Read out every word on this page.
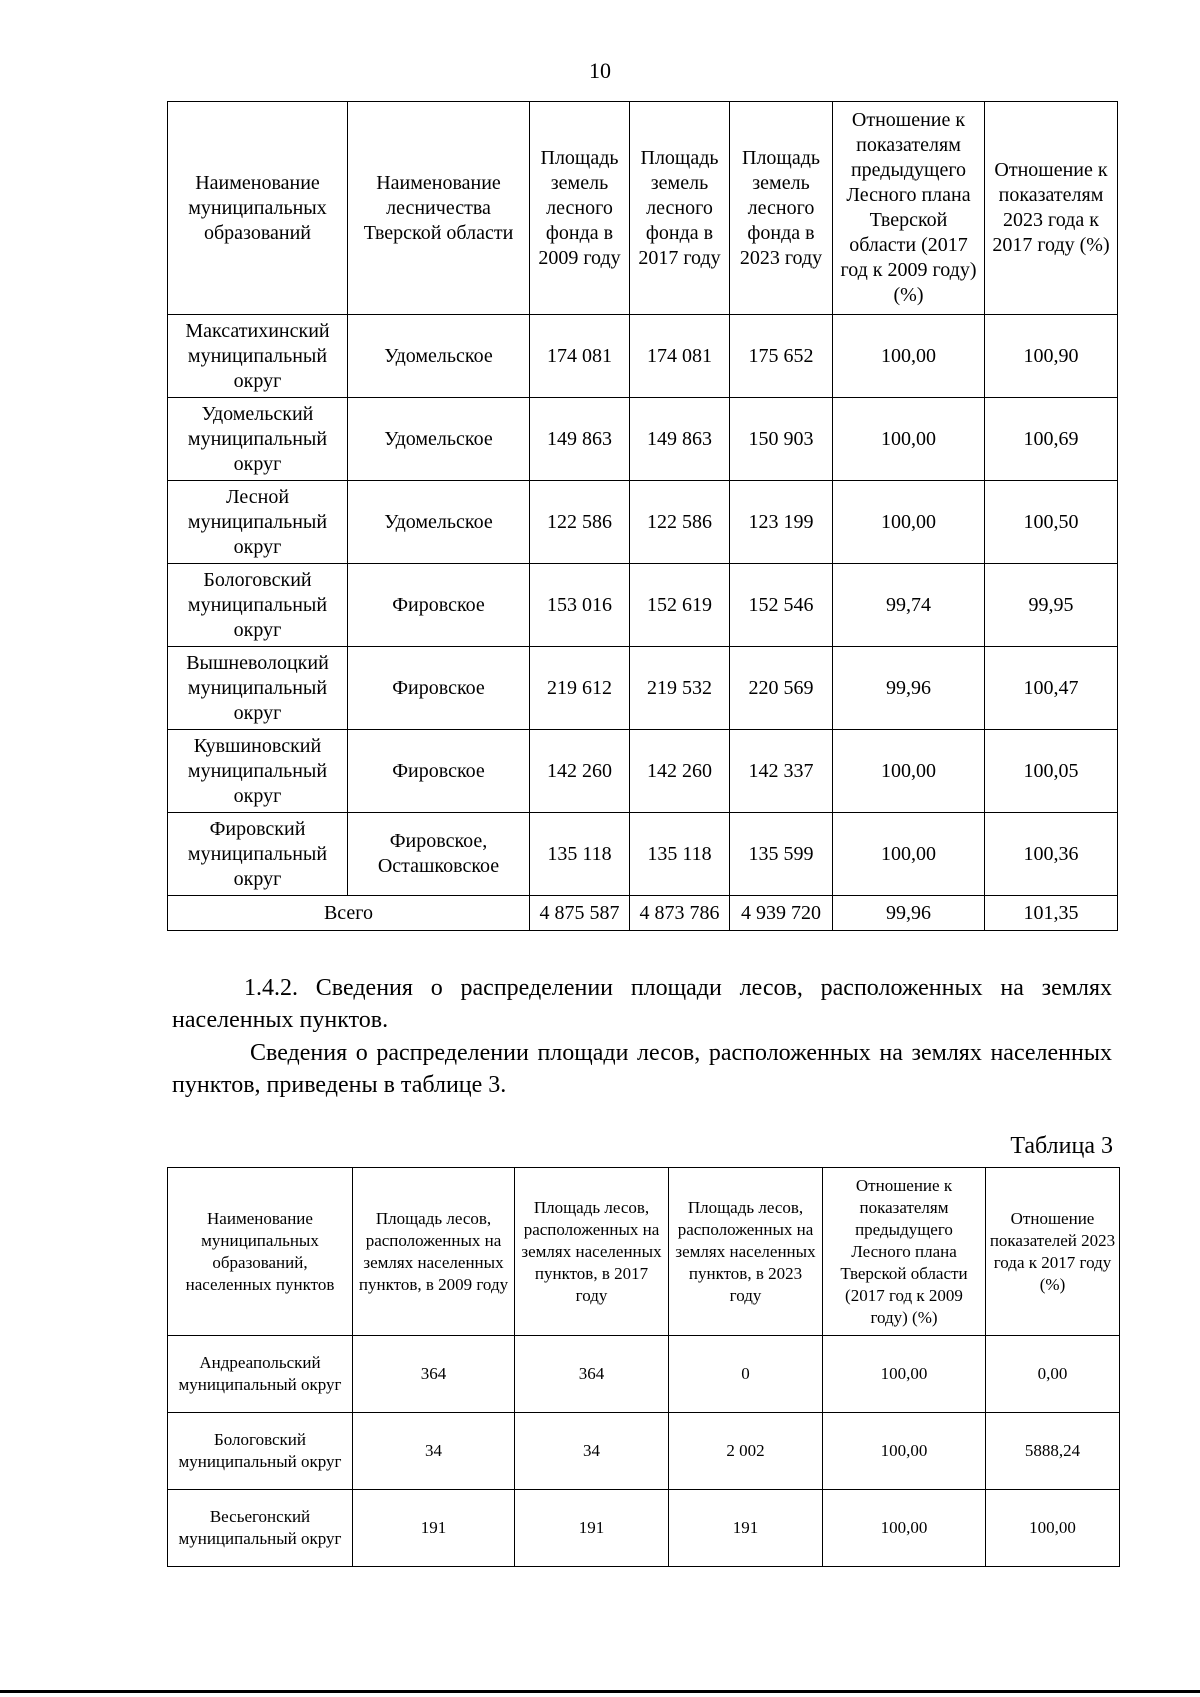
10
Наименование муниципальных образований	Наименование лесничества Тверской области	Площадь земель лесного фонда в 2009 году	Площадь земель лесного фонда в 2017 году	Площадь земель лесного фонда в 2023 году	Отношение к показателям предыдущего Лесного плана Тверской области (2017 год к 2009 году) (%)	Отношение к показателям 2023 года к 2017 году (%)
Максатихинский муниципальный округ	Удомельское	174 081	174 081	175 652	100,00	100,90
Удомельский муниципальный округ	Удомельское	149 863	149 863	150 903	100,00	100,69
Лесной муниципальный округ	Удомельское	122 586	122 586	123 199	100,00	100,50
Бологовский муниципальный округ	Фировское	153 016	152 619	152 546	99,74	99,95
Вышневолоцкий муниципальный округ	Фировское	219 612	219 532	220 569	99,96	100,47
Кувшиновский муниципальный округ	Фировское	142 260	142 260	142 337	100,00	100,05
Фировский муниципальный округ	Фировское, Осташковское	135 118	135 118	135 599	100,00	100,36
Всего		4 875 587	4 873 786	4 939 720	99,96	101,35

1.4.2. Сведения о распределении площади лесов, расположенных на землях населенных пунктов.

Сведения о распределении площади лесов, расположенных на землях населенных пунктов, приведены в таблице 3.

Таблица 3
Наименование муниципальных образований, населенных пунктов	Площадь лесов, расположенных на землях населенных пунктов, в 2009 году	Площадь лесов, расположенных на землях населенных пунктов, в 2017 году	Площадь лесов, расположенных на землях населенных пунктов, в 2023 году	Отношение к показателям предыдущего Лесного плана Тверской области (2017 год к 2009 году) (%)	Отношение показателей 2023 года к 2017 году (%)
Андреапольский муниципальный округ	364	364	0	100,00	0,00
Бологовский муниципальный округ	34	34	2 002	100,00	5888,24
Весьегонский муниципальный округ	191	191	191	100,00	100,00
